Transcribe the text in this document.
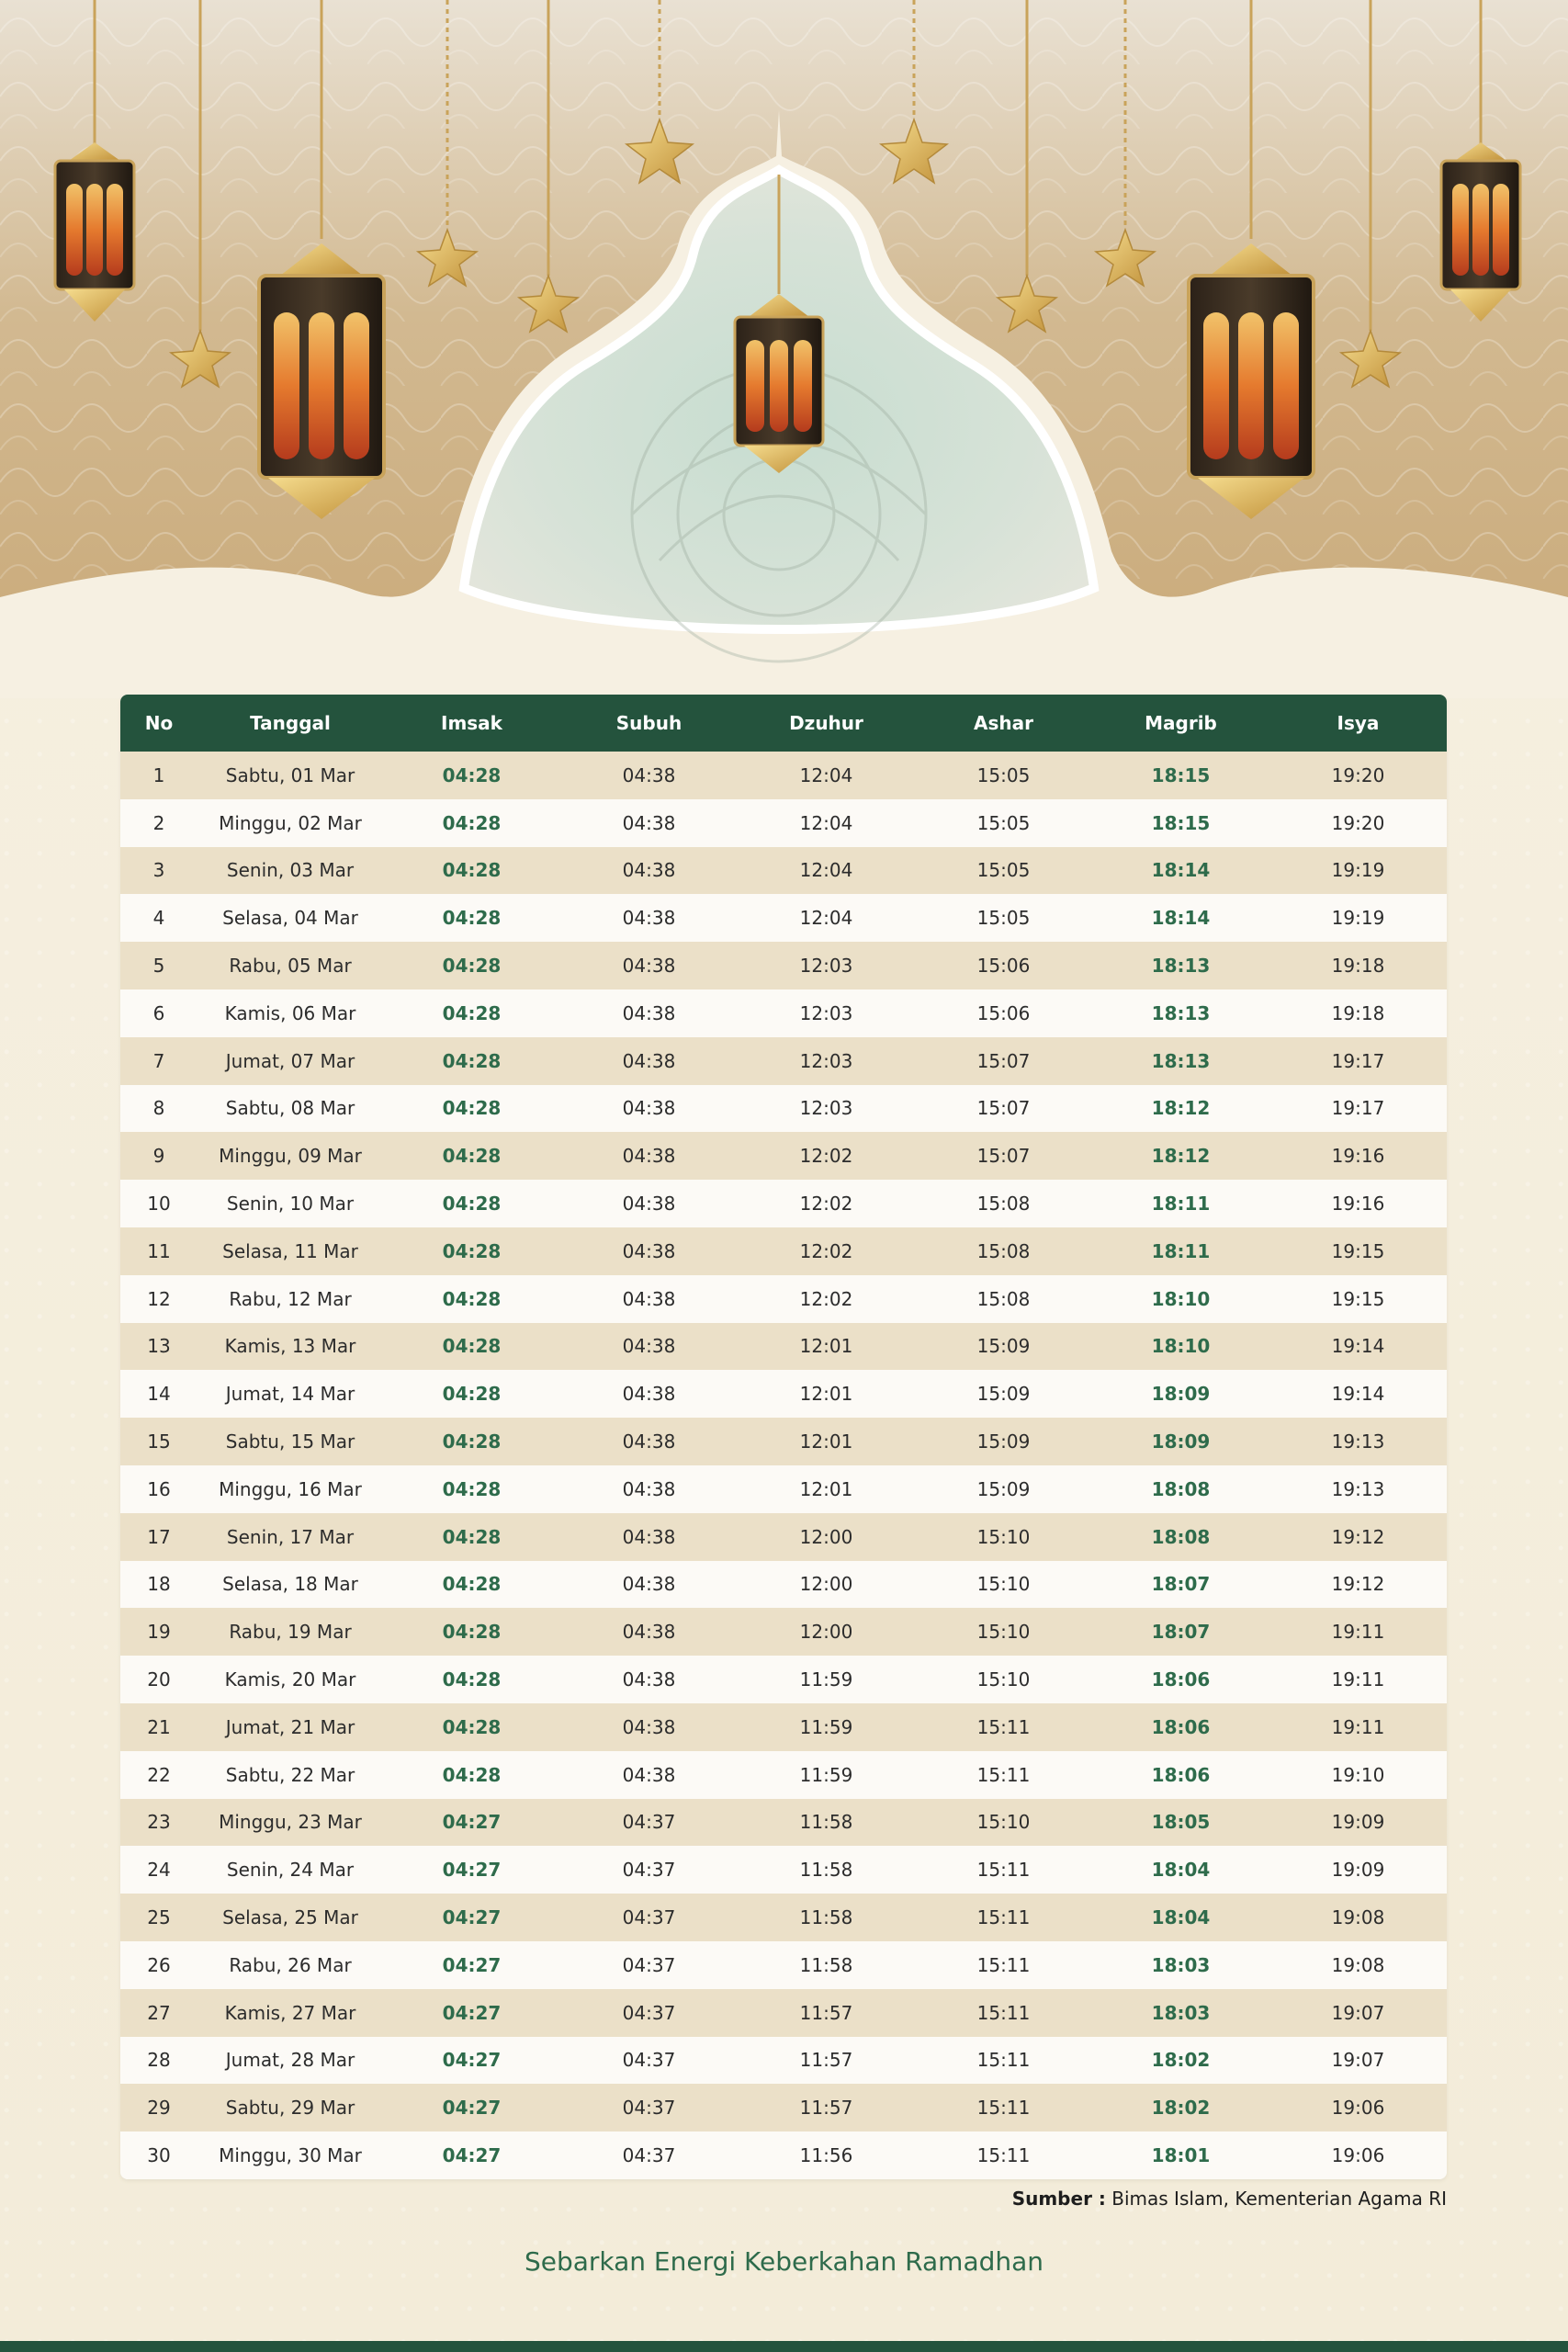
No	Tanggal	Imsak	Subuh	Dzuhur	Ashar	Magrib	Isya
1	Sabtu, 01 Mar	04:28	04:38	12:04	15:05	18:15	19:20
2	Minggu, 02 Mar	04:28	04:38	12:04	15:05	18:15	19:20
3	Senin, 03 Mar	04:28	04:38	12:04	15:05	18:14	19:19
4	Selasa, 04 Mar	04:28	04:38	12:04	15:05	18:14	19:19
5	Rabu, 05 Mar	04:28	04:38	12:03	15:06	18:13	19:18
6	Kamis, 06 Mar	04:28	04:38	12:03	15:06	18:13	19:18
7	Jumat, 07 Mar	04:28	04:38	12:03	15:07	18:13	19:17
8	Sabtu, 08 Mar	04:28	04:38	12:03	15:07	18:12	19:17
9	Minggu, 09 Mar	04:28	04:38	12:02	15:07	18:12	19:16
10	Senin, 10 Mar	04:28	04:38	12:02	15:08	18:11	19:16
11	Selasa, 11 Mar	04:28	04:38	12:02	15:08	18:11	19:15
12	Rabu, 12 Mar	04:28	04:38	12:02	15:08	18:10	19:15
13	Kamis, 13 Mar	04:28	04:38	12:01	15:09	18:10	19:14
14	Jumat, 14 Mar	04:28	04:38	12:01	15:09	18:09	19:14
15	Sabtu, 15 Mar	04:28	04:38	12:01	15:09	18:09	19:13
16	Minggu, 16 Mar	04:28	04:38	12:01	15:09	18:08	19:13
17	Senin, 17 Mar	04:28	04:38	12:00	15:10	18:08	19:12
18	Selasa, 18 Mar	04:28	04:38	12:00	15:10	18:07	19:12
19	Rabu, 19 Mar	04:28	04:38	12:00	15:10	18:07	19:11
20	Kamis, 20 Mar	04:28	04:38	11:59	15:10	18:06	19:11
21	Jumat, 21 Mar	04:28	04:38	11:59	15:11	18:06	19:11
22	Sabtu, 22 Mar	04:28	04:38	11:59	15:11	18:06	19:10
23	Minggu, 23 Mar	04:27	04:37	11:58	15:10	18:05	19:09
24	Senin, 24 Mar	04:27	04:37	11:58	15:11	18:04	19:09
25	Selasa, 25 Mar	04:27	04:37	11:58	15:11	18:04	19:08
26	Rabu, 26 Mar	04:27	04:37	11:58	15:11	18:03	19:08
27	Kamis, 27 Mar	04:27	04:37	11:57	15:11	18:03	19:07
28	Jumat, 28 Mar	04:27	04:37	11:57	15:11	18:02	19:07
29	Sabtu, 29 Mar	04:27	04:37	11:57	15:11	18:02	19:06
30	Minggu, 30 Mar	04:27	04:37	11:56	15:11	18:01	19:06
Sumber : Bimas Islam, Kementerian Agama RI
Sebarkan Energi Keberkahan Ramadhan
